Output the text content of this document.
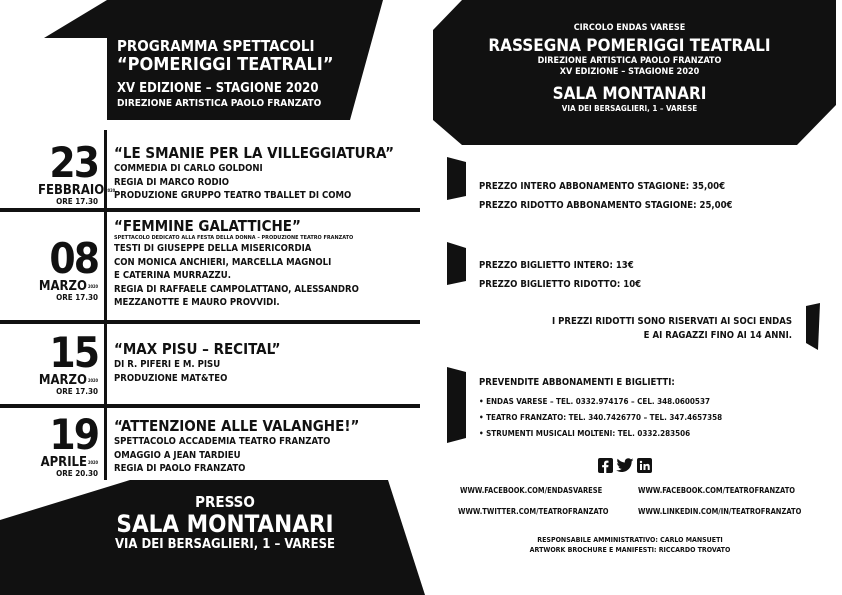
PROGRAMMA SPETTACOLI
“POMERIGGI TEATRALI”
XV EDIZIONE – STAGIONE 2020
DIREZIONE ARTISTICA PAOLO FRANZATO
23
FEBBRAIO2020
ORE 17.30
“LE SMANIE PER LA VILLEGGIATURA”
COMMEDIA DI CARLO GOLDONI
REGIA DI MARCO RODIO
PRODUZIONE GRUPPO TEATRO TBALLET DI COMO
08
MARZO2020
ORE 17.30
“FEMMINE GALATTICHE”
SPETTACOLO DEDICATO ALLA FESTA DELLA DONNA – PRODUZIONE TEATRO FRANZATO
TESTI DI GIUSEPPE DELLA MISERICORDIA
CON MONICA ANCHIERI, MARCELLA MAGNOLI
E CATERINA MURRAZZU.
REGIA DI RAFFAELE CAMPOLATTANO, ALESSANDRO
MEZZANOTTE E MAURO PROVVIDI.
15
MARZO2020
ORE 17.30
“MAX PISU – RECITAL”
DI R. PIFERI E M. PISU
PRODUZIONE MAT&TEO
19
APRILE2020
ORE 20.30
“ATTENZIONE ALLE VALANGHE!”
SPETTACOLO ACCADEMIA TEATRO FRANZATO
OMAGGIO A JEAN TARDIEU
REGIA DI PAOLO FRANZATO
PRESSO
SALA MONTANARI
VIA DEI BERSAGLIERI, 1 – VARESE
CIRCOLO ENDAS VARESE
RASSEGNA POMERIGGI TEATRALI
DIREZIONE ARTISTICA PAOLO FRANZATO
XV EDIZIONE – STAGIONE 2020
SALA MONTANARI
VIA DEI BERSAGLIERI, 1 – VARESE
PREZZO INTERO ABBONAMENTO STAGIONE: 35,00€
PREZZO RIDOTTO ABBONAMENTO STAGIONE: 25,00€
PREZZO BIGLIETTO INTERO: 13€
PREZZO BIGLIETTO RIDOTTO: 10€
I PREZZI RIDOTTI SONO RISERVATI AI SOCI ENDAS
E AI RAGAZZI FINO AI 14 ANNI.
PREVENDITE ABBONAMENTI E BIGLIETTI:
• ENDAS VARESE – TEL. 0332.974176 – CEL. 348.0600537
• TEATRO FRANZATO: TEL. 340.7426770 – TEL. 347.4657358
• STRUMENTI MUSICALI MOLTENI: TEL. 0332.283506
WWW.FACEBOOK.COM/ENDASVARESE	WWW.FACEBOOK.COM/TEATROFRANZATO
WWW.TWITTER.COM/TEATROFRANZATO	WWW.LINKEDIN.COM/IN/TEATROFRANZATO
RESPONSABILE AMMINISTRATIVO: CARLO MANSUETI
ARTWORK BROCHURE E MANIFESTI: RICCARDO TROVATO
